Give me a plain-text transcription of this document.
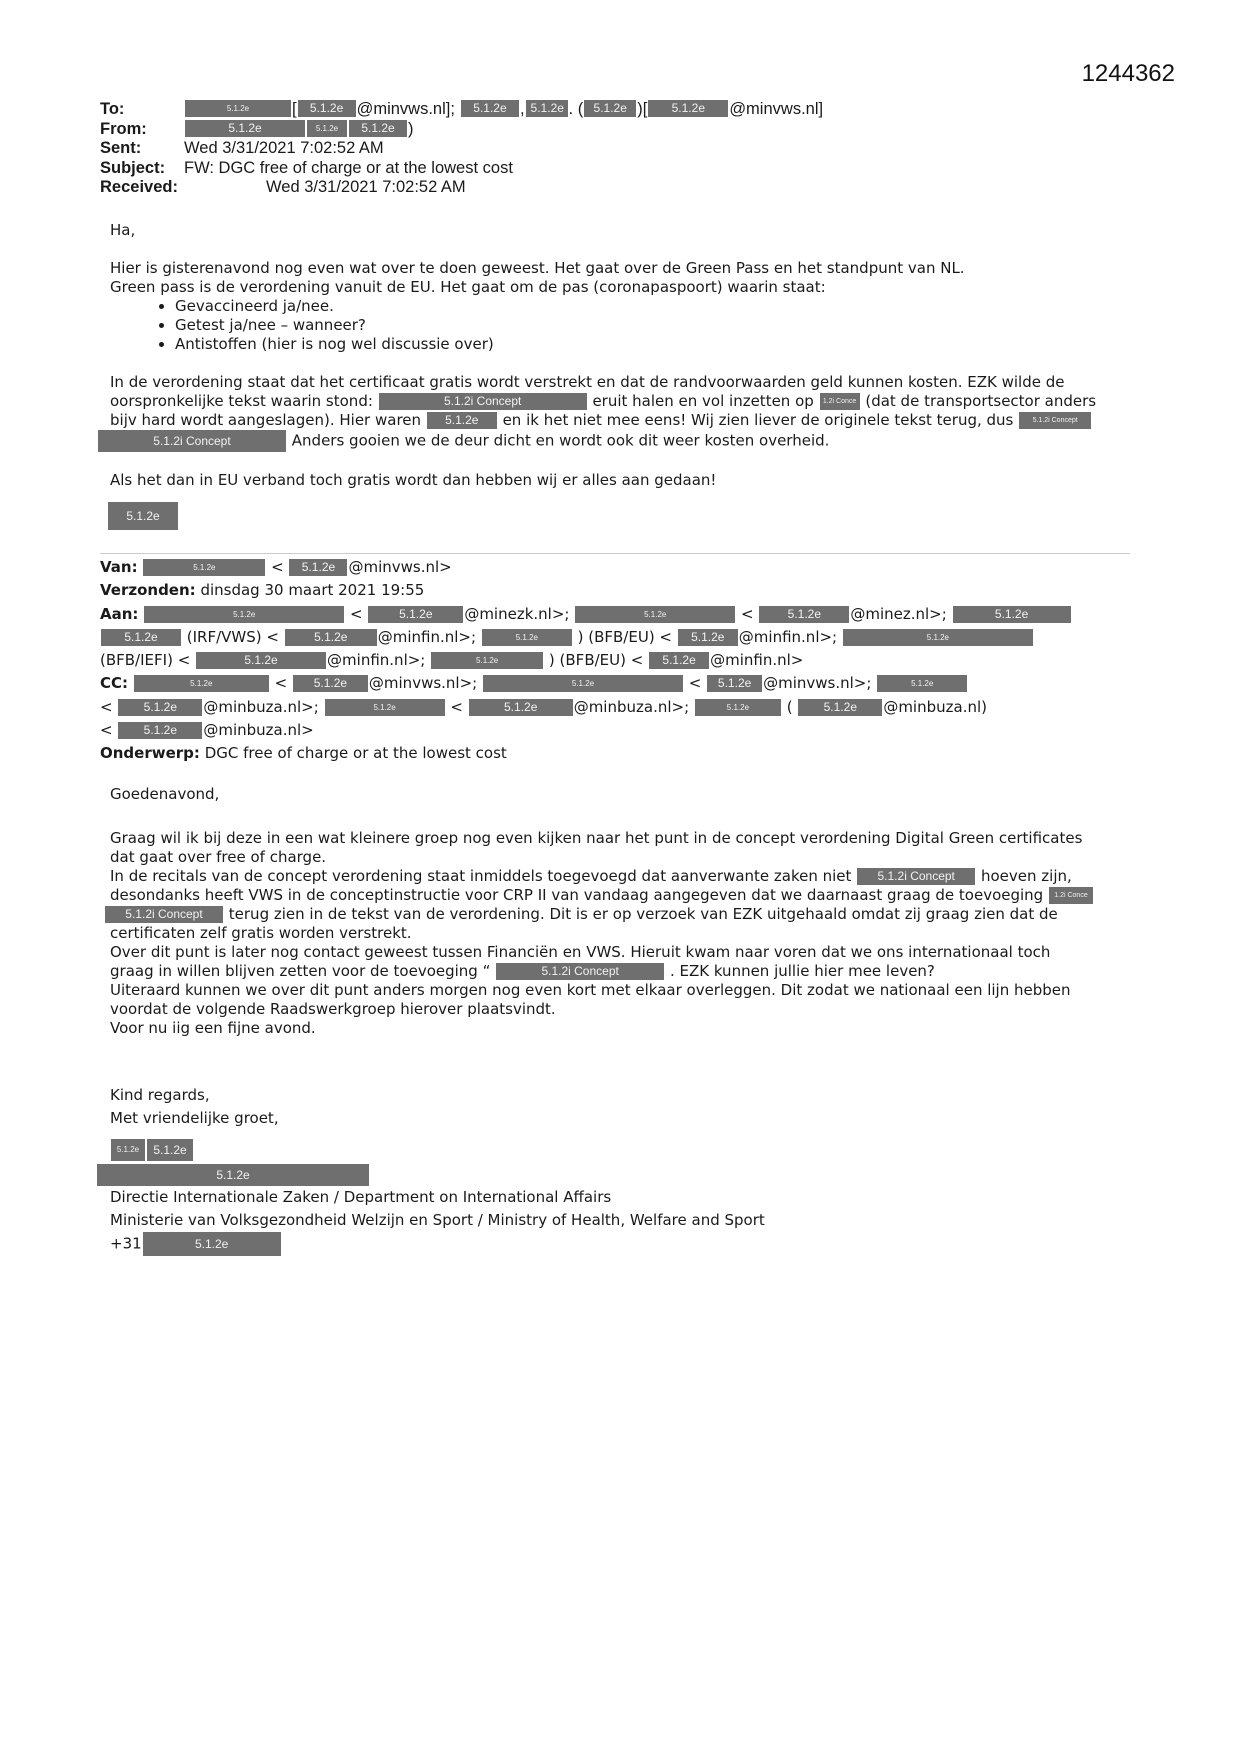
1244362
To:	5.1.2e	[	5.1.2e @minvws.nl];	5.1.2e , 5.1.2e . ( 5.1.2e )[	5.1.2e	@minvws.nl]
From:	5.1.2e	5.1.2e	5.1.2e )
Sent:	Wed 3/31/2021 7:02:52 AM
Subject:	FW: DGC free of charge or at the lowest cost
Received:	Wed 3/31/2021 7:02:52 AM

Ha,

Hier is gisterenavond nog even wat over te doen geweest. Het gaat over de Green Pass en het standpunt van NL.

Green pass is de verordening vanuit de EU. Het gaat om de pas (coronapaspoort) waarin staat:

• Gevaccineerd ja/nee.
• Getest ja/nee – wanneer?
• Antistoffen (hier is nog wel discussie over)

In de verordening staat dat het certificaat gratis wordt verstrekt en dat de randvoorwaarden geld kunnen kosten. EZK wilde de

oorspronkelijke tekst waarin stond:	5.1.2i Concept	eruit halen en vol inzetten op 1.2i Conce (dat de transportsector anders

bijv hard wordt aangeslagen). Hier waren 5.1.2e en ik het niet mee eens! Wij zien liever de originele tekst terug, dus	5.1.2i Concept

5.1.2i Concept	Anders gooien we de deur dicht en wordt ook dit weer kosten overheid.

Als het dan in EU verband toch gratis wordt dan hebben wij er alles aan gedaan!

5.1.2e

Van:	5.1.2e	< 5.1.2e @minvws.nl>
Verzonden: dinsdag 30 maart 2021 19:55
Aan:	5.1.2e	<	5.1.2e @minezk.nl>;	5.1.2e	< 5.1.2e @minez.nl>;	5.1.2e
5.1.2e (IRF/VWS) <	5.1.2e @minfin.nl>;	5.1.2e	) (BFB/EU) < 5.1.2e @minfin.nl>;	5.1.2e
(BFB/IEFI) <	5.1.2e	@minfin.nl>;	5.1.2e	) (BFB/EU) < 5.1.2e @minfin.nl>
CC:	5.1.2e	< 5.1.2e @minvws.nl>;	5.1.2e	< 5.1.2e @minvws.nl>;	5.1.2e
< 5.1.2e @minbuza.nl>;	5.1.2e	<	5.1.2e @minbuza.nl>;	5.1.2e ( 5.1.2e @minbuza.nl)
< 5.1.2e @minbuza.nl>
Onderwerp: DGC free of charge or at the lowest cost

Goedenavond,

Graag wil ik bij deze in een wat kleinere groep nog even kijken naar het punt in de concept verordening Digital Green certificates

dat gaat over free of charge.

In de recitals van de concept verordening staat inmiddels toegevoegd dat aanverwante zaken niet 5.1.2i Concept hoeven zijn,

desondanks heeft VWS in de conceptinstructie voor CRP II van vandaag aangegeven dat we daarnaast graag de toevoeging 1.2i Conce

5.1.2i Concept terug zien in de tekst van de verordening. Dit is er op verzoek van EZK uitgehaald omdat zij graag zien dat de

certificaten zelf gratis worden verstrekt.

Over dit punt is later nog contact geweest tussen Financiën en VWS. Hieruit kwam naar voren dat we ons internationaal toch

graag in willen blijven zetten voor de toevoeging “	5.1.2i Concept	. EZK kunnen jullie hier mee leven?

Uiteraard kunnen we over dit punt anders morgen nog even kort met elkaar overleggen. Dit zodat we nationaal een lijn hebben

voordat de volgende Raadswerkgroep hierover plaatsvindt.

Voor nu iig een fijne avond.

Kind regards,

Met vriendelijke groet,

5.1.2e 5.1.2e

5.1.2e

Directie Internationale Zaken / Department on International Affairs

Ministerie van Volksgezondheid Welzijn en Sport / Ministry of Health, Welfare and Sport

+31	5.1.2e
